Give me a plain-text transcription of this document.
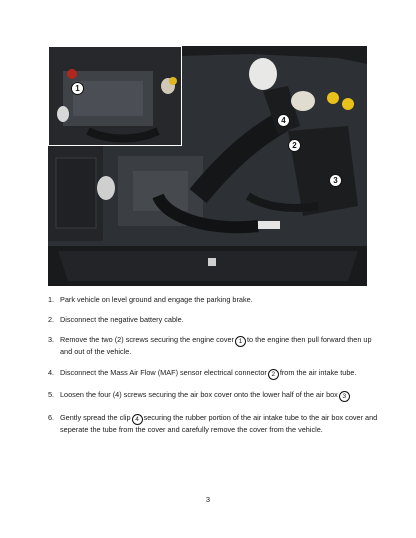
1
4
2
3
1. Park vehicle on level ground and engage the parking brake.
2. Disconnect the negative battery cable.
3. Remove the two (2) screws securing the engine cover 1 to the engine then pull forward then up and out of the vehicle.
4. Disconnect the Mass Air Flow (MAF) sensor electrical connector 2 from the air intake tube.
5. Loosen the four (4) screws securing the air box cover onto the lower half of the air box 3
6. Gently spread the clip 4 securing the rubber portion of the air intake tube to the air box cover and seperate the tube from the cover and carefully remove the cover from the vehicle.
3
